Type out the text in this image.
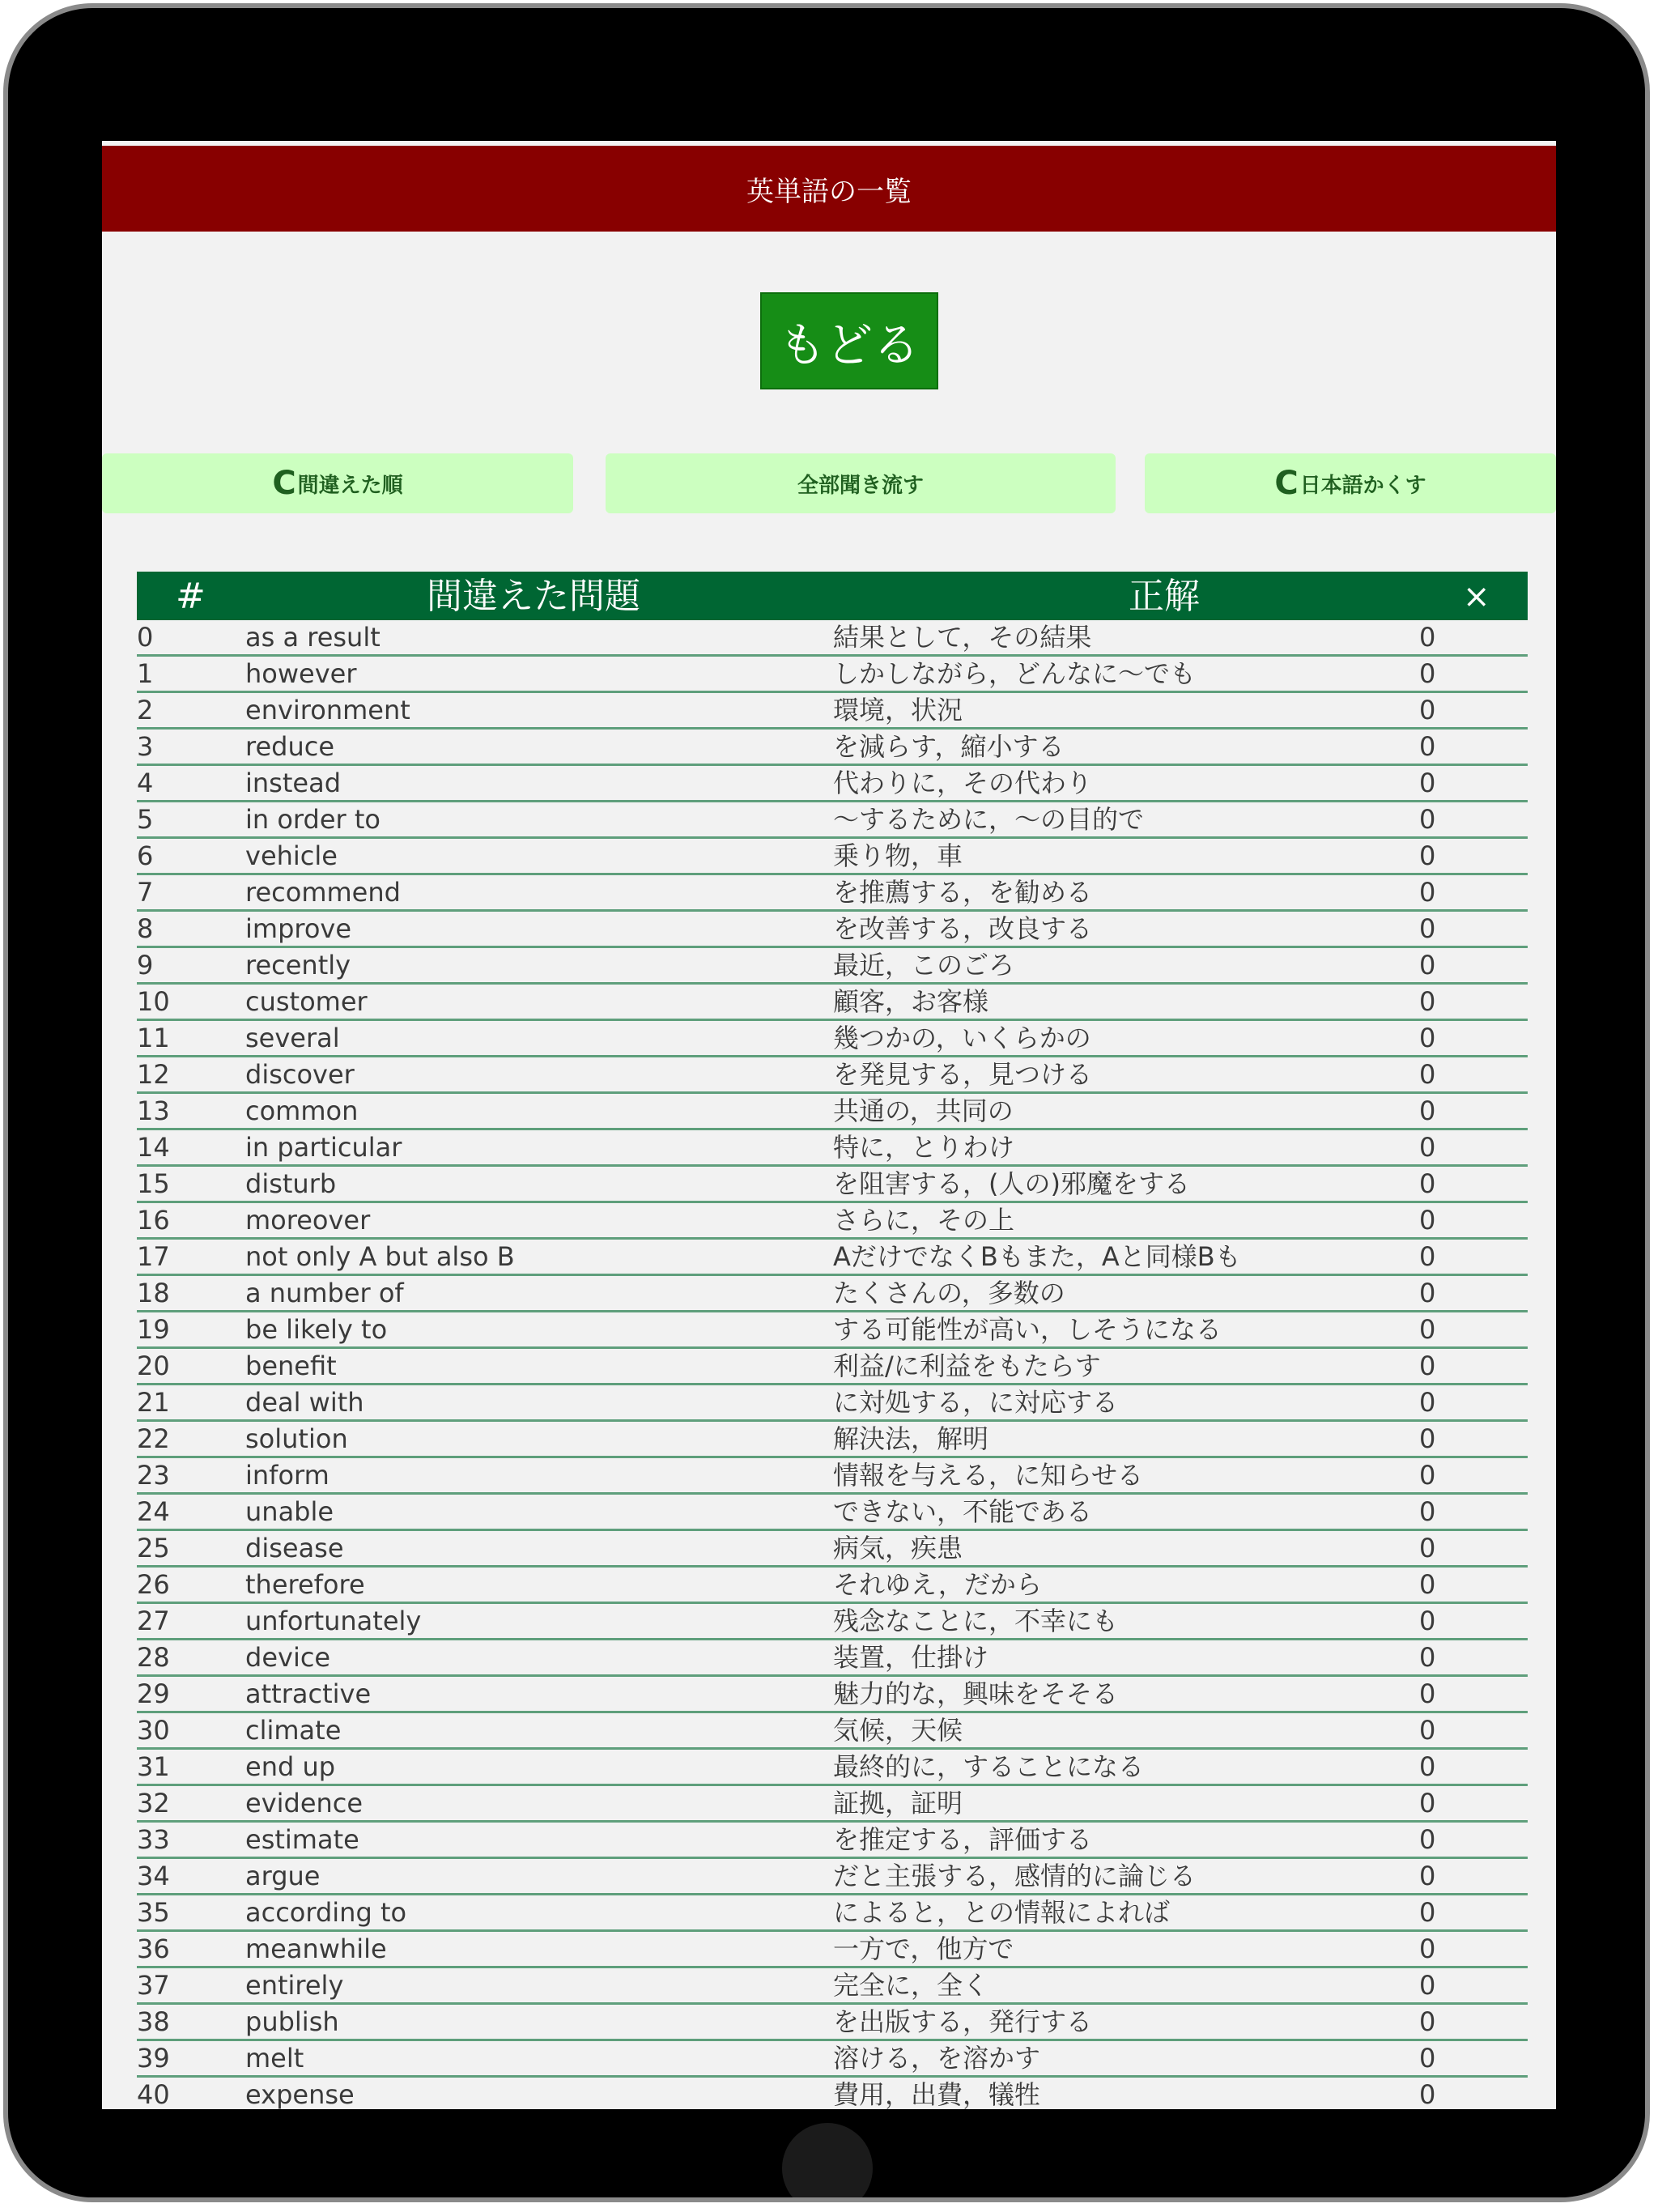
英単語の一覧
もどる
C 間違えた順	全部聞き流す	C 日本語かくす
#	間違えた問題	正解	×
0	as a result	結果として，その結果	0
1	however	しかしながら，どんなに〜でも	0
2	environment	環境，状況	0
3	reduce	を減らす，縮小する	0
4	instead	代わりに，その代わり	0
5	in order to	〜するために，〜の目的で	0
6	vehicle	乗り物，車	0
7	recommend	を推薦する，を勧める	0
8	improve	を改善する，改良する	0
9	recently	最近，このごろ	0
10	customer	顧客，お客様	0
11	several	幾つかの，いくらかの	0
12	discover	を発見する，見つける	0
13	common	共通の，共同の	0
14	in particular	特に，とりわけ	0
15	disturb	を阻害する，(人の)邪魔をする	0
16	moreover	さらに，その上	0
17	not only A but also B	AだけでなくBもまた，Aと同様Bも	0
18	a number of	たくさんの，多数の	0
19	be likely to	する可能性が高い，しそうになる	0
20	benefit	利益/に利益をもたらす	0
21	deal with	に対処する，に対応する	0
22	solution	解決法，解明	0
23	inform	情報を与える，に知らせる	0
24	unable	できない，不能である	0
25	disease	病気，疾患	0
26	therefore	それゆえ，だから	0
27	unfortunately	残念なことに，不幸にも	0
28	device	装置，仕掛け	0
29	attractive	魅力的な，興味をそそる	0
30	climate	気候，天候	0
31	end up	最終的に，することになる	0
32	evidence	証拠，証明	0
33	estimate	を推定する，評価する	0
34	argue	だと主張する，感情的に論じる	0
35	according to	によると，との情報によれば	0
36	meanwhile	一方で，他方で	0
37	entirely	完全に，全く	0
38	publish	を出版する，発行する	0
39	melt	溶ける，を溶かす	0
40	expense	費用，出費，犠牲	0
